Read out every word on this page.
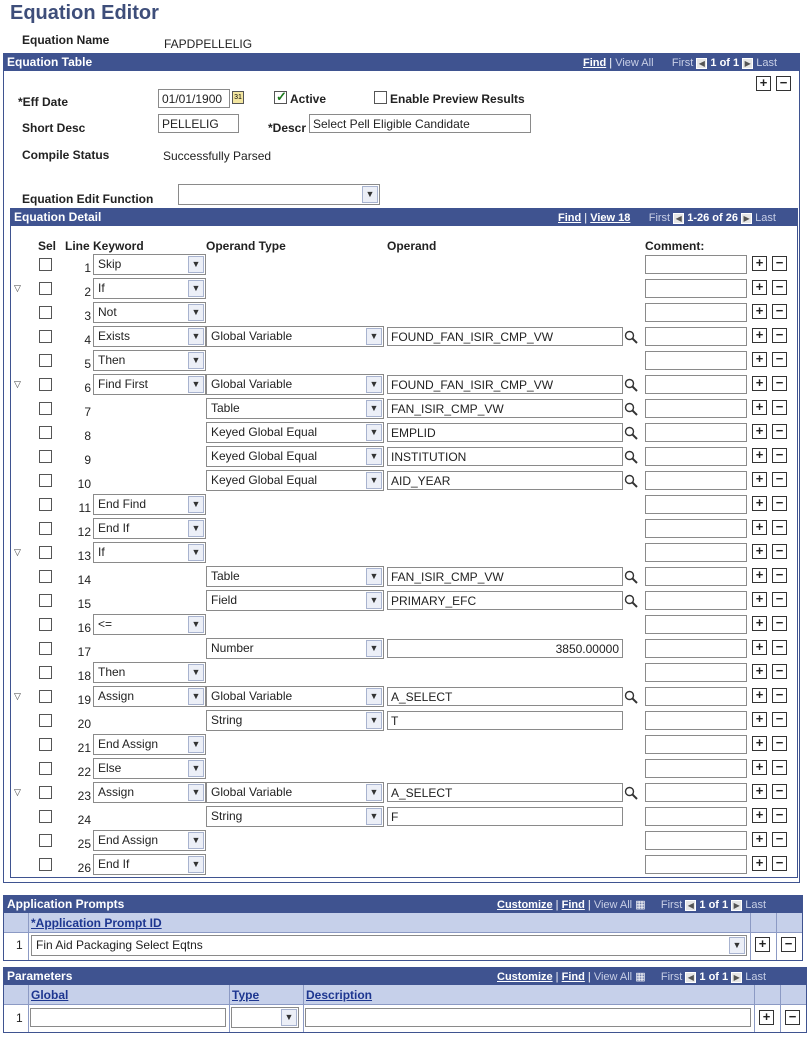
Equation Editor
Equation Name	FAPDPELLELIG
Equation Table	Find | View All First ◀ 1 of 1 ▶ Last
+ −
*Eff Date
01/01/1900	31
✓	Active	Enable Preview Results
Short Desc
PELLELIG	*Descr
Select Pell Eligible Candidate
Compile Status	Successfully Parsed
Equation Edit Function	▼
Equation Detail	Find | View 18 First ◀ 1-26 of 26 ▶ Last
Sel Line Keyword	Operand Type	Operand	Comment:
1 Skip	▼	+ −
▽	2 If	▼	+ −
3 Not	▼	+ −
4 Exists	▼ Global Variable	▼
FOUND_FAN_ISIR_CMP_VW	+ −
5 Then	▼	+ −
▽	6 Find First	▼ Global Variable	▼
FOUND_FAN_ISIR_CMP_VW	+ −
7	Table	▼
FAN_ISIR_CMP_VW	+ −
8	Keyed Global Equal	▼
EMPLID	+ −
9	Keyed Global Equal	▼
INSTITUTION	+ −
10	Keyed Global Equal	▼
AID_YEAR	+ −
11 End Find	▼	+ −
12 End If	▼	+ −
▽	13 If	▼	+ −
14	Table	▼
FAN_ISIR_CMP_VW	+ −
15	Field	▼
PRIMARY_EFC	+ −
16 <=	▼	+ −
17	Number	▼
3850.00000	+ −
18 Then	▼	+ −
▽	19 Assign	▼ Global Variable	▼
A_SELECT	+ −
20	String	▼
T	+ −
21 End Assign	▼	+ −
22 Else	▼	+ −
▽	23 Assign	▼ Global Variable	▼
A_SELECT	+ −
24	String	▼
F	+ −
25 End Assign	▼	+ −
26 End If	▼	+ −
Application Prompts	Customize | Find | View All ▦ First ◀ 1 of 1 ▶ Last
*Application Prompt ID
1	Fin Aid Packaging Select Eqtns	▼ + −
Parameters	Customize | Find | View All ▦ First ◀ 1 of 1 ▶ Last
Global	Type	Description
1	▼	+ −
